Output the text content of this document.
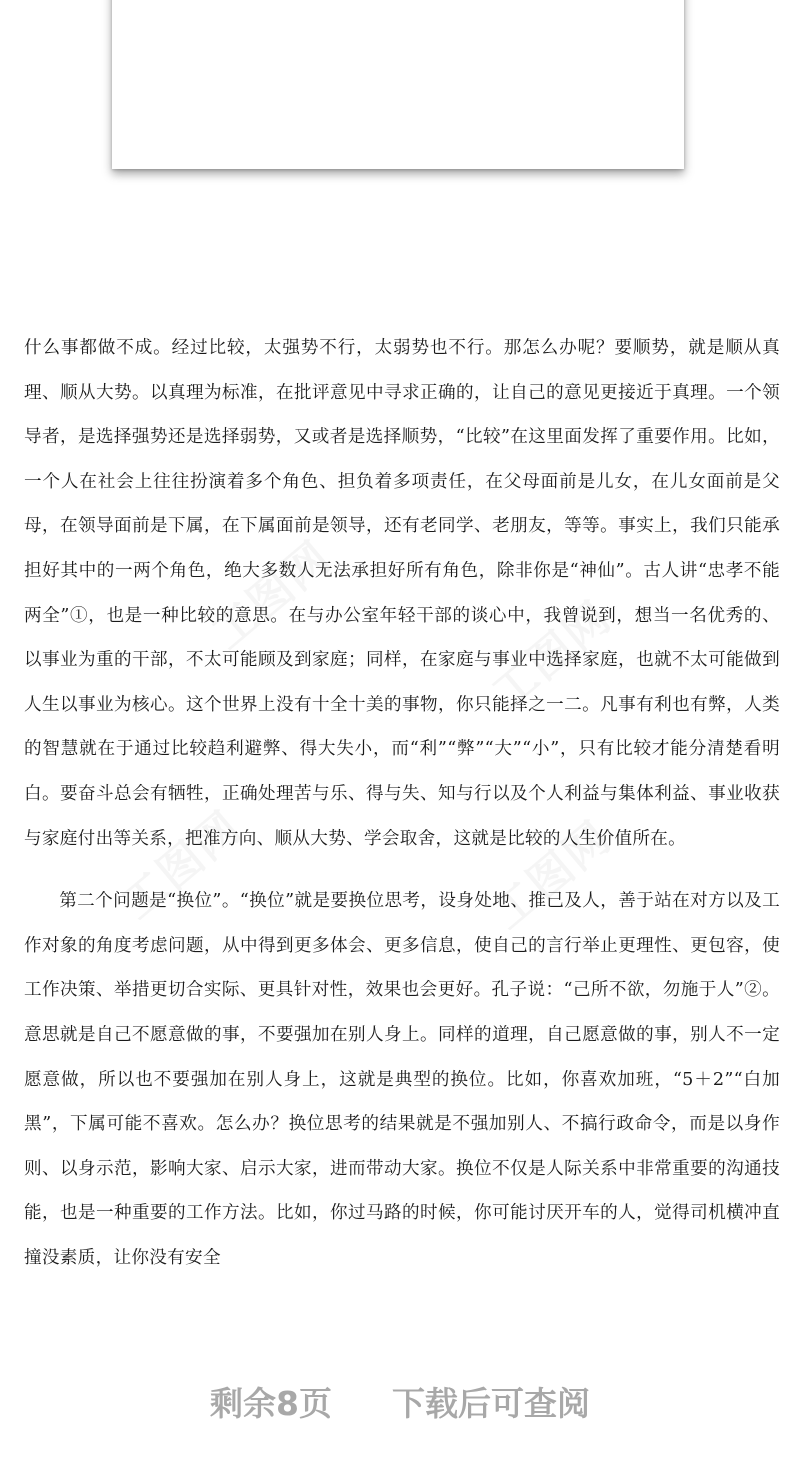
工图网	工图网
工图网	工图网

什么事都做不成。经过比较，太强势不行，太弱势也不行。那怎么办呢？要顺势，就是顺从真理、顺从大势。以真理为标准，在批评意见中寻求正确的，让自己的意见更接近于真理。一个领导者，是选择强势还是选择弱势，又或者是选择顺势，“比较”在这里面发挥了重要作用。比如，一个人在社会上往往扮演着多个角色、担负着多项责任，在父母面前是儿女，在儿女面前是父母，在领导面前是下属，在下属面前是领导，还有老同学、老朋友，等等。事实上，我们只能承担好其中的一两个角色，绝大多数人无法承担好所有角色，除非你是“神仙”。古人讲“忠孝不能两全”①，也是一种比较的意思。在与办公室年轻干部的谈心中，我曾说到，想当一名优秀的、以事业为重的干部，不太可能顾及到家庭；同样，在家庭与事业中选择家庭，也就不太可能做到人生以事业为核心。这个世界上没有十全十美的事物，你只能择之一二。凡事有利也有弊，人类的智慧就在于通过比较趋利避弊、得大失小，而“利”“弊”“大”“小”，只有比较才能分清楚看明白。要奋斗总会有牺牲，正确处理苦与乐、得与失、知与行以及个人利益与集体利益、事业收获与家庭付出等关系，把准方向、顺从大势、学会取舍，这就是比较的人生价值所在。

第二个问题是“换位”。“换位”就是要换位思考，设身处地、推己及人，善于站在对方以及工作对象的角度考虑问题，从中得到更多体会、更多信息，使自己的言行举止更理性、更包容，使工作决策、举措更切合实际、更具针对性，效果也会更好。孔子说：“己所不欲，勿施于人”②。意思就是自己不愿意做的事，不要强加在别人身上。同样的道理，自己愿意做的事，别人不一定愿意做，所以也不要强加在别人身上，这就是典型的换位。比如，你喜欢加班，“5＋2”“白加黑”，下属可能不喜欢。怎么办？换位思考的结果就是不强加别人、不搞行政命令，而是以身作则、以身示范，影响大家、启示大家，进而带动大家。换位不仅是人际关系中非常重要的沟通技能，也是一种重要的工作方法。比如，你过马路的时候，你可能讨厌开车的人，觉得司机横冲直撞没素质，让你没有安全

剩余8页 下载后可查阅
